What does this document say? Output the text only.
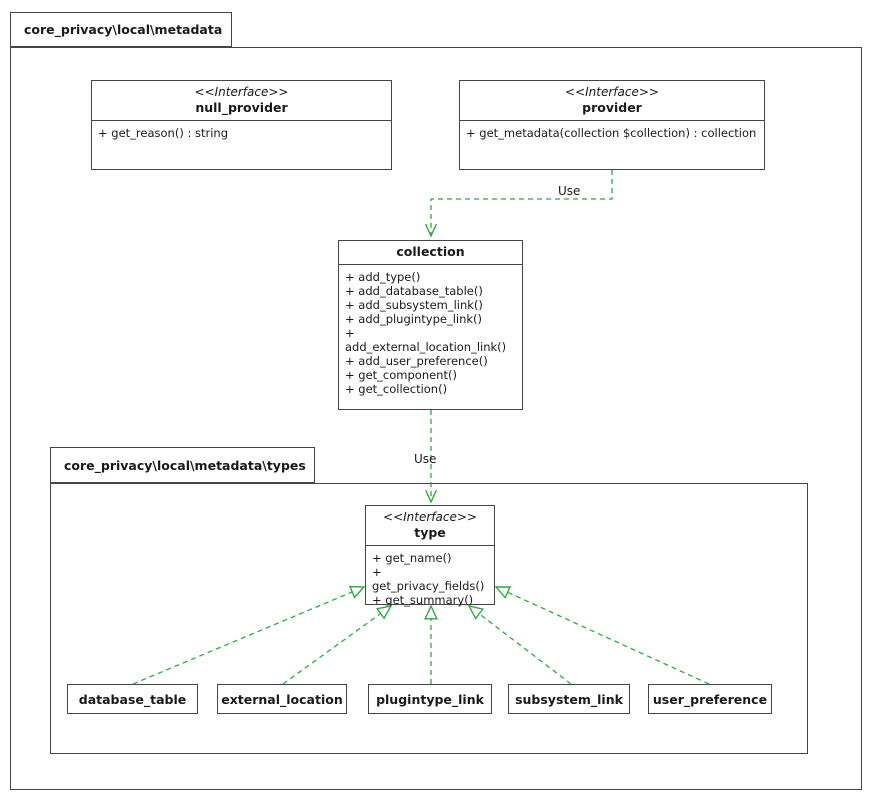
core_privacy\local\metadata
core_privacy\local\metadata\types
<<Interface>>
null_provider
+ get_reason() : string
<<Interface>>
provider
+ get_metadata(collection $collection) : collection
collection
+ add_type()
+ add_database_table()
+ add_subsystem_link()
+ add_plugintype_link()
+ add_external_location_link()
+ add_user_preference()
+ get_component()
+ get_collection()
<<Interface>>
type
+ get_name()
+ get_privacy_fields()
+ get_summary()
database_table	external_location	plugintype_link subsystem_link user_preference
Use
Use
